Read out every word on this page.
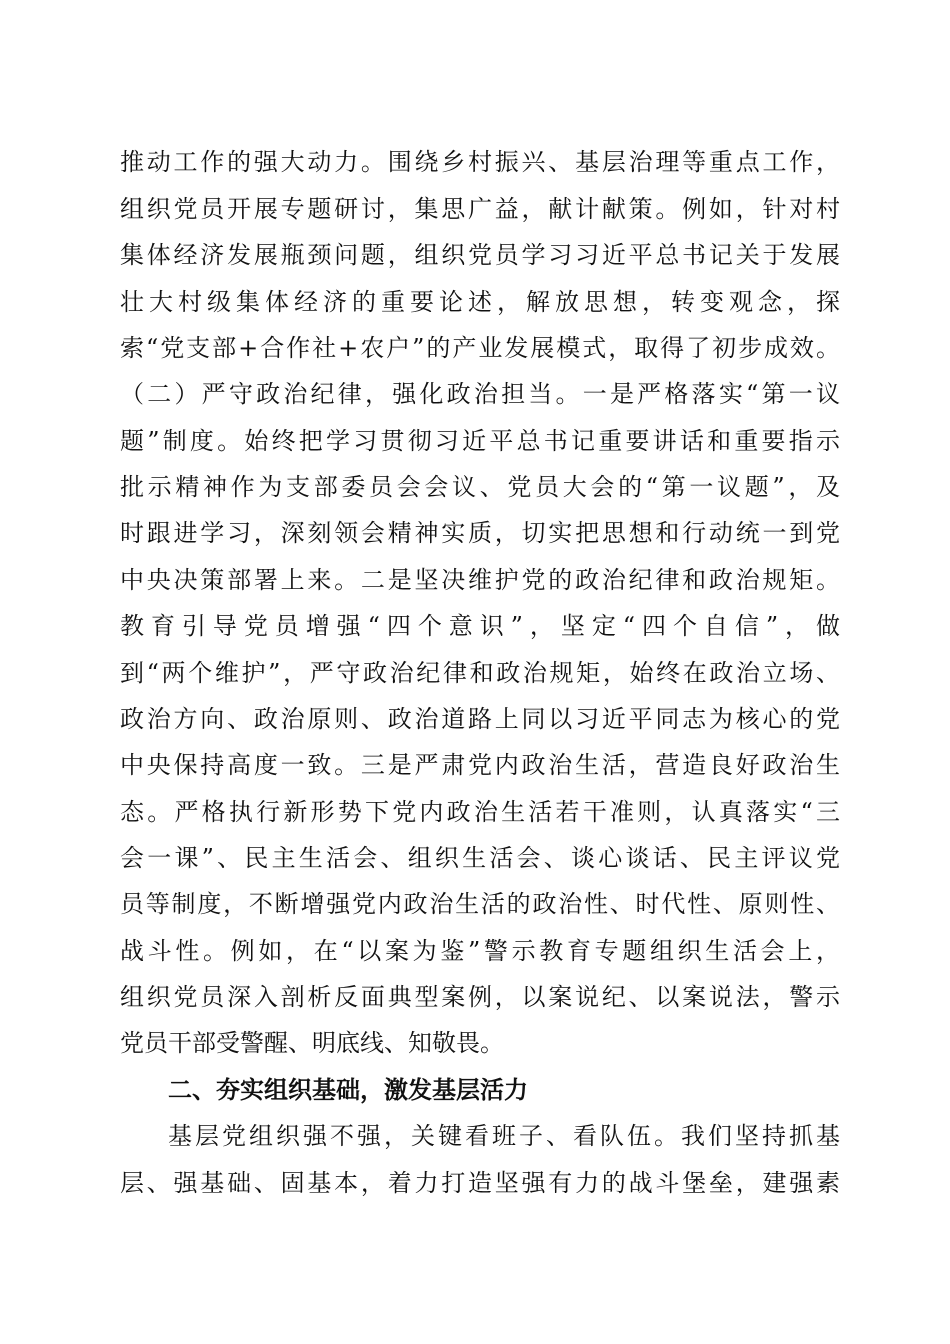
推动工作的强大动力。围绕乡村振兴、基层治理等重点工作，
组织党员开展专题研讨，集思广益，献计献策。例如，针对村
集体经济发展瓶颈问题，组织党员学习习近平总书记关于发展
壮大村级集体经济的重要论述，解放思想，转变观念，探
索“党支部+合作社+农户”的产业发展模式，取得了初步成效。
（二）严守政治纪律，强化政治担当。一是严格落实“第一议
题”制度。始终把学习贯彻习近平总书记重要讲话和重要指示
批示精神作为支部委员会会议、党员大会的“第一议题”，及
时跟进学习，深刻领会精神实质，切实把思想和行动统一到党
中央决策部署上来。二是坚决维护党的政治纪律和政治规矩。
教育引导党员增强“四个意识”，坚定“四个自信”，做
到“两个维护”，严守政治纪律和政治规矩，始终在政治立场、
政治方向、政治原则、政治道路上同以习近平同志为核心的党
中央保持高度一致。三是严肃党内政治生活，营造良好政治生
态。严格执行新形势下党内政治生活若干准则，认真落实“三
会一课”、民主生活会、组织生活会、谈心谈话、民主评议党
员等制度，不断增强党内政治生活的政治性、时代性、原则性、
战斗性。例如，在“以案为鉴”警示教育专题组织生活会上，
组织党员深入剖析反面典型案例，以案说纪、以案说法，警示
党员干部受警醒、明底线、知敬畏。
二、夯实组织基础，激发基层活力
基层党组织强不强，关键看班子、看队伍。我们坚持抓基
层、强基础、固基本，着力打造坚强有力的战斗堡垒，建强素
